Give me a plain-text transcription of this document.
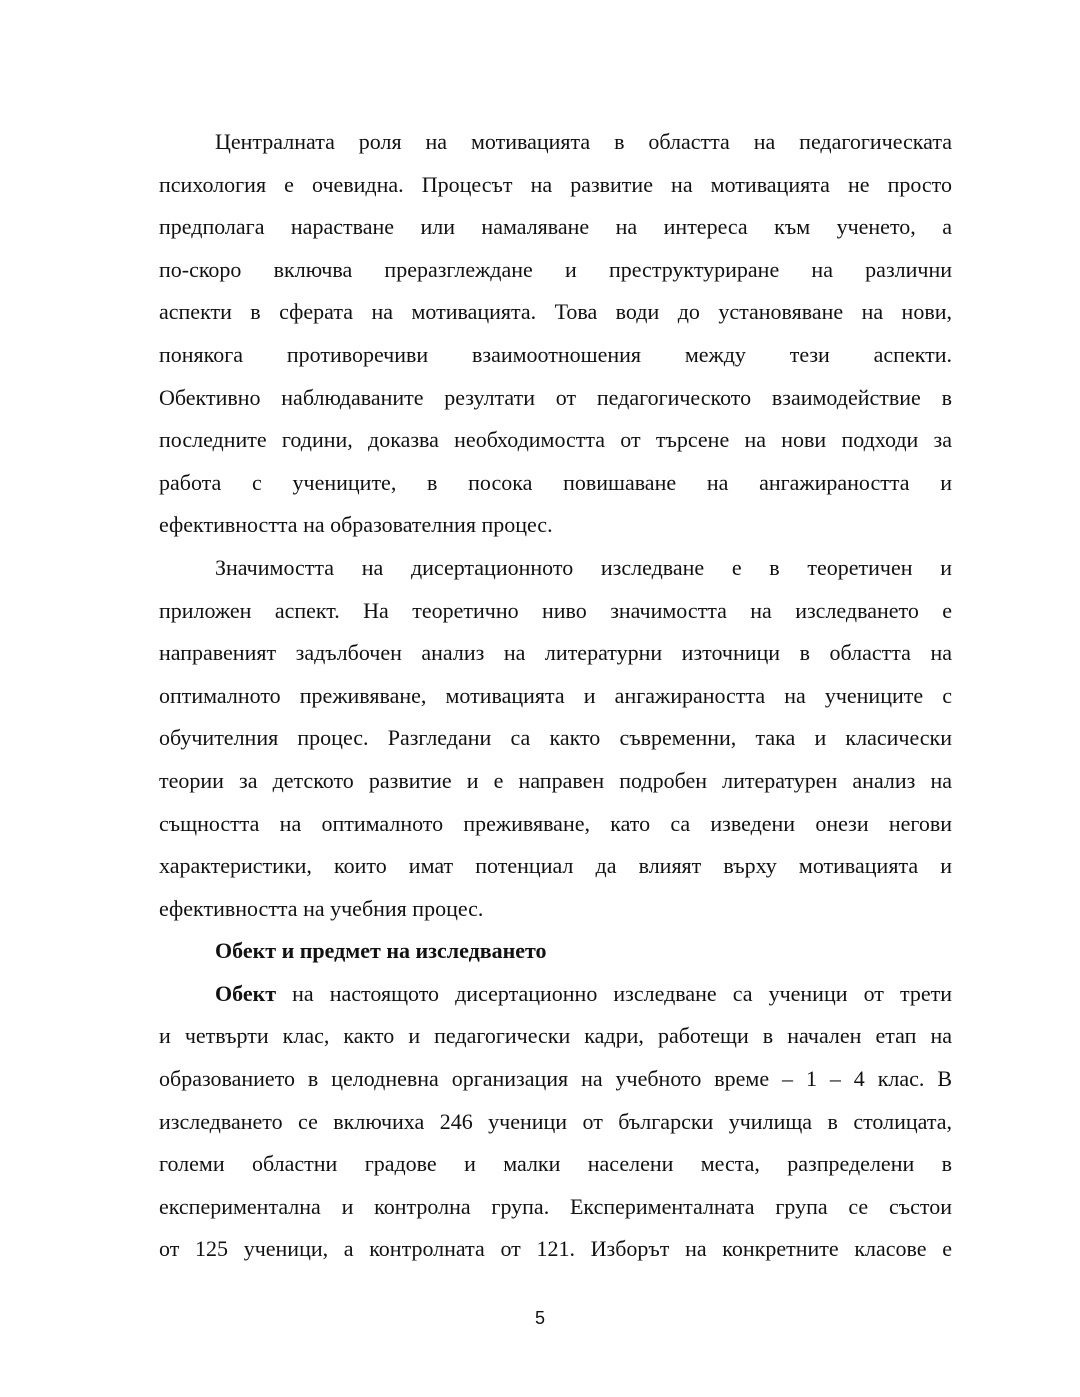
Централната роля на мотивацията в областта на педагогическата
психология е очевидна. Процесът на развитие на мотивацията не просто
предполага нарастване или намаляване на интереса към ученето, а
по-скоро включва преразглеждане и преструктуриране на различни
аспекти в сферата на мотивацията. Това води до установяване на нови,
понякога противоречиви взаимоотношения между тези аспекти.
Обективно наблюдаваните резултати от педагогическото взаимодействие в
последните години, доказва необходимостта от търсене на нови подходи за
работа с учениците, в посока повишаване на ангажираността и
ефективността на образователния процес.
Значимостта на дисертационното изследване е в теоретичен и
приложен аспект. На теоретично ниво значимостта на изследването е
направеният задълбочен анализ на литературни източници в областта на
оптималното преживяване, мотивацията и ангажираността на учениците с
обучителния процес. Разгледани са както съвременни, така и класически
теории за детското развитие и е направен подробен литературен анализ на
същността на оптималното преживяване, като са изведени онези негови
характеристики, които имат потенциал да влияят върху мотивацията и
ефективността на учебния процес.
Обект и предмет на изследването
Обект на настоящото дисертационно изследване са ученици от трети
и четвърти клас, както и педагогически кадри, работещи в начален етап на
образованието в целодневна организация на учебното време – 1 – 4 клас. В
изследването се включиха 246 ученици от български училища в столицата,
големи областни градове и малки населени места, разпределени в
експериментална и контролна група. Експерименталната група се състои
от 125 ученици, а контролната от 121. Изборът на конкретните класове е
5
